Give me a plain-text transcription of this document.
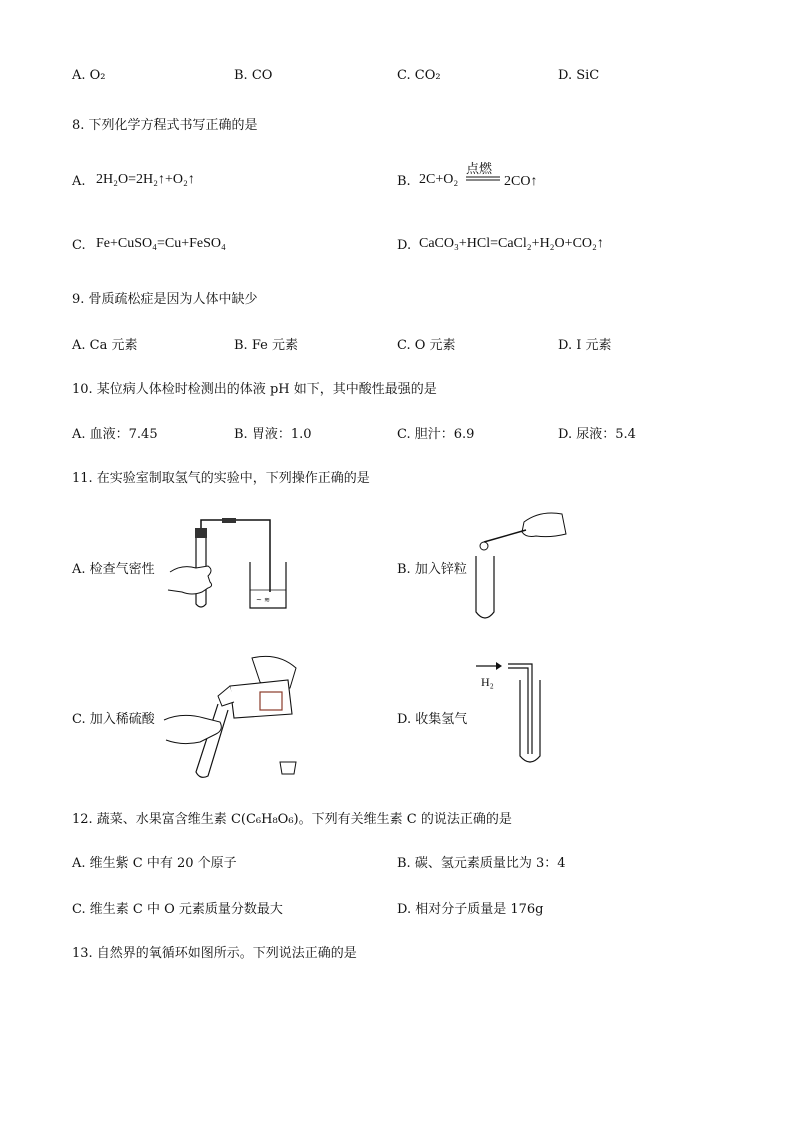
A. O₂	B. CO	C. CO₂	D. SiC
8. 下列化学方程式书写正确的是
A. 2H₂O=2H₂↑+O₂↑	B. 2C+O₂
点燃
2CO↑
C. Fe+CuSO₄=Cu+FeSO₄	D. CaCO₃+HCl=CaCl₂+H₂O+CO₂↑
9. 骨质疏松症是因为人体中缺少
A. Ca 元素	B. Fe 元素	C. O 元素	D. I 元素
10. 某位病人体检时检测出的体液 pH 如下，其中酸性最强的是
A. 血液：7.45	B. 胃液：1.0	C. 胆汁：6.9	D. 尿液：5.4
11. 在实验室制取氢气的实验中，下列操作正确的是
A. 检查气密性
~ ≋
B. 加入锌粒
C. 加入稀硫酸	D. 收集氢气
H₂
12. 蔬菜、水果富含维生素 C(C₆H₈O₆)。下列有关维生素 C 的说法正确的是
A. 维生紫 C 中有 20 个原子	B. 碳、氢元素质量比为 3：4
C. 维生素 C 中 O 元素质量分数最大	D. 相对分子质量是 176g
13. 自然界的氧循环如图所示。下列说法正确的是
